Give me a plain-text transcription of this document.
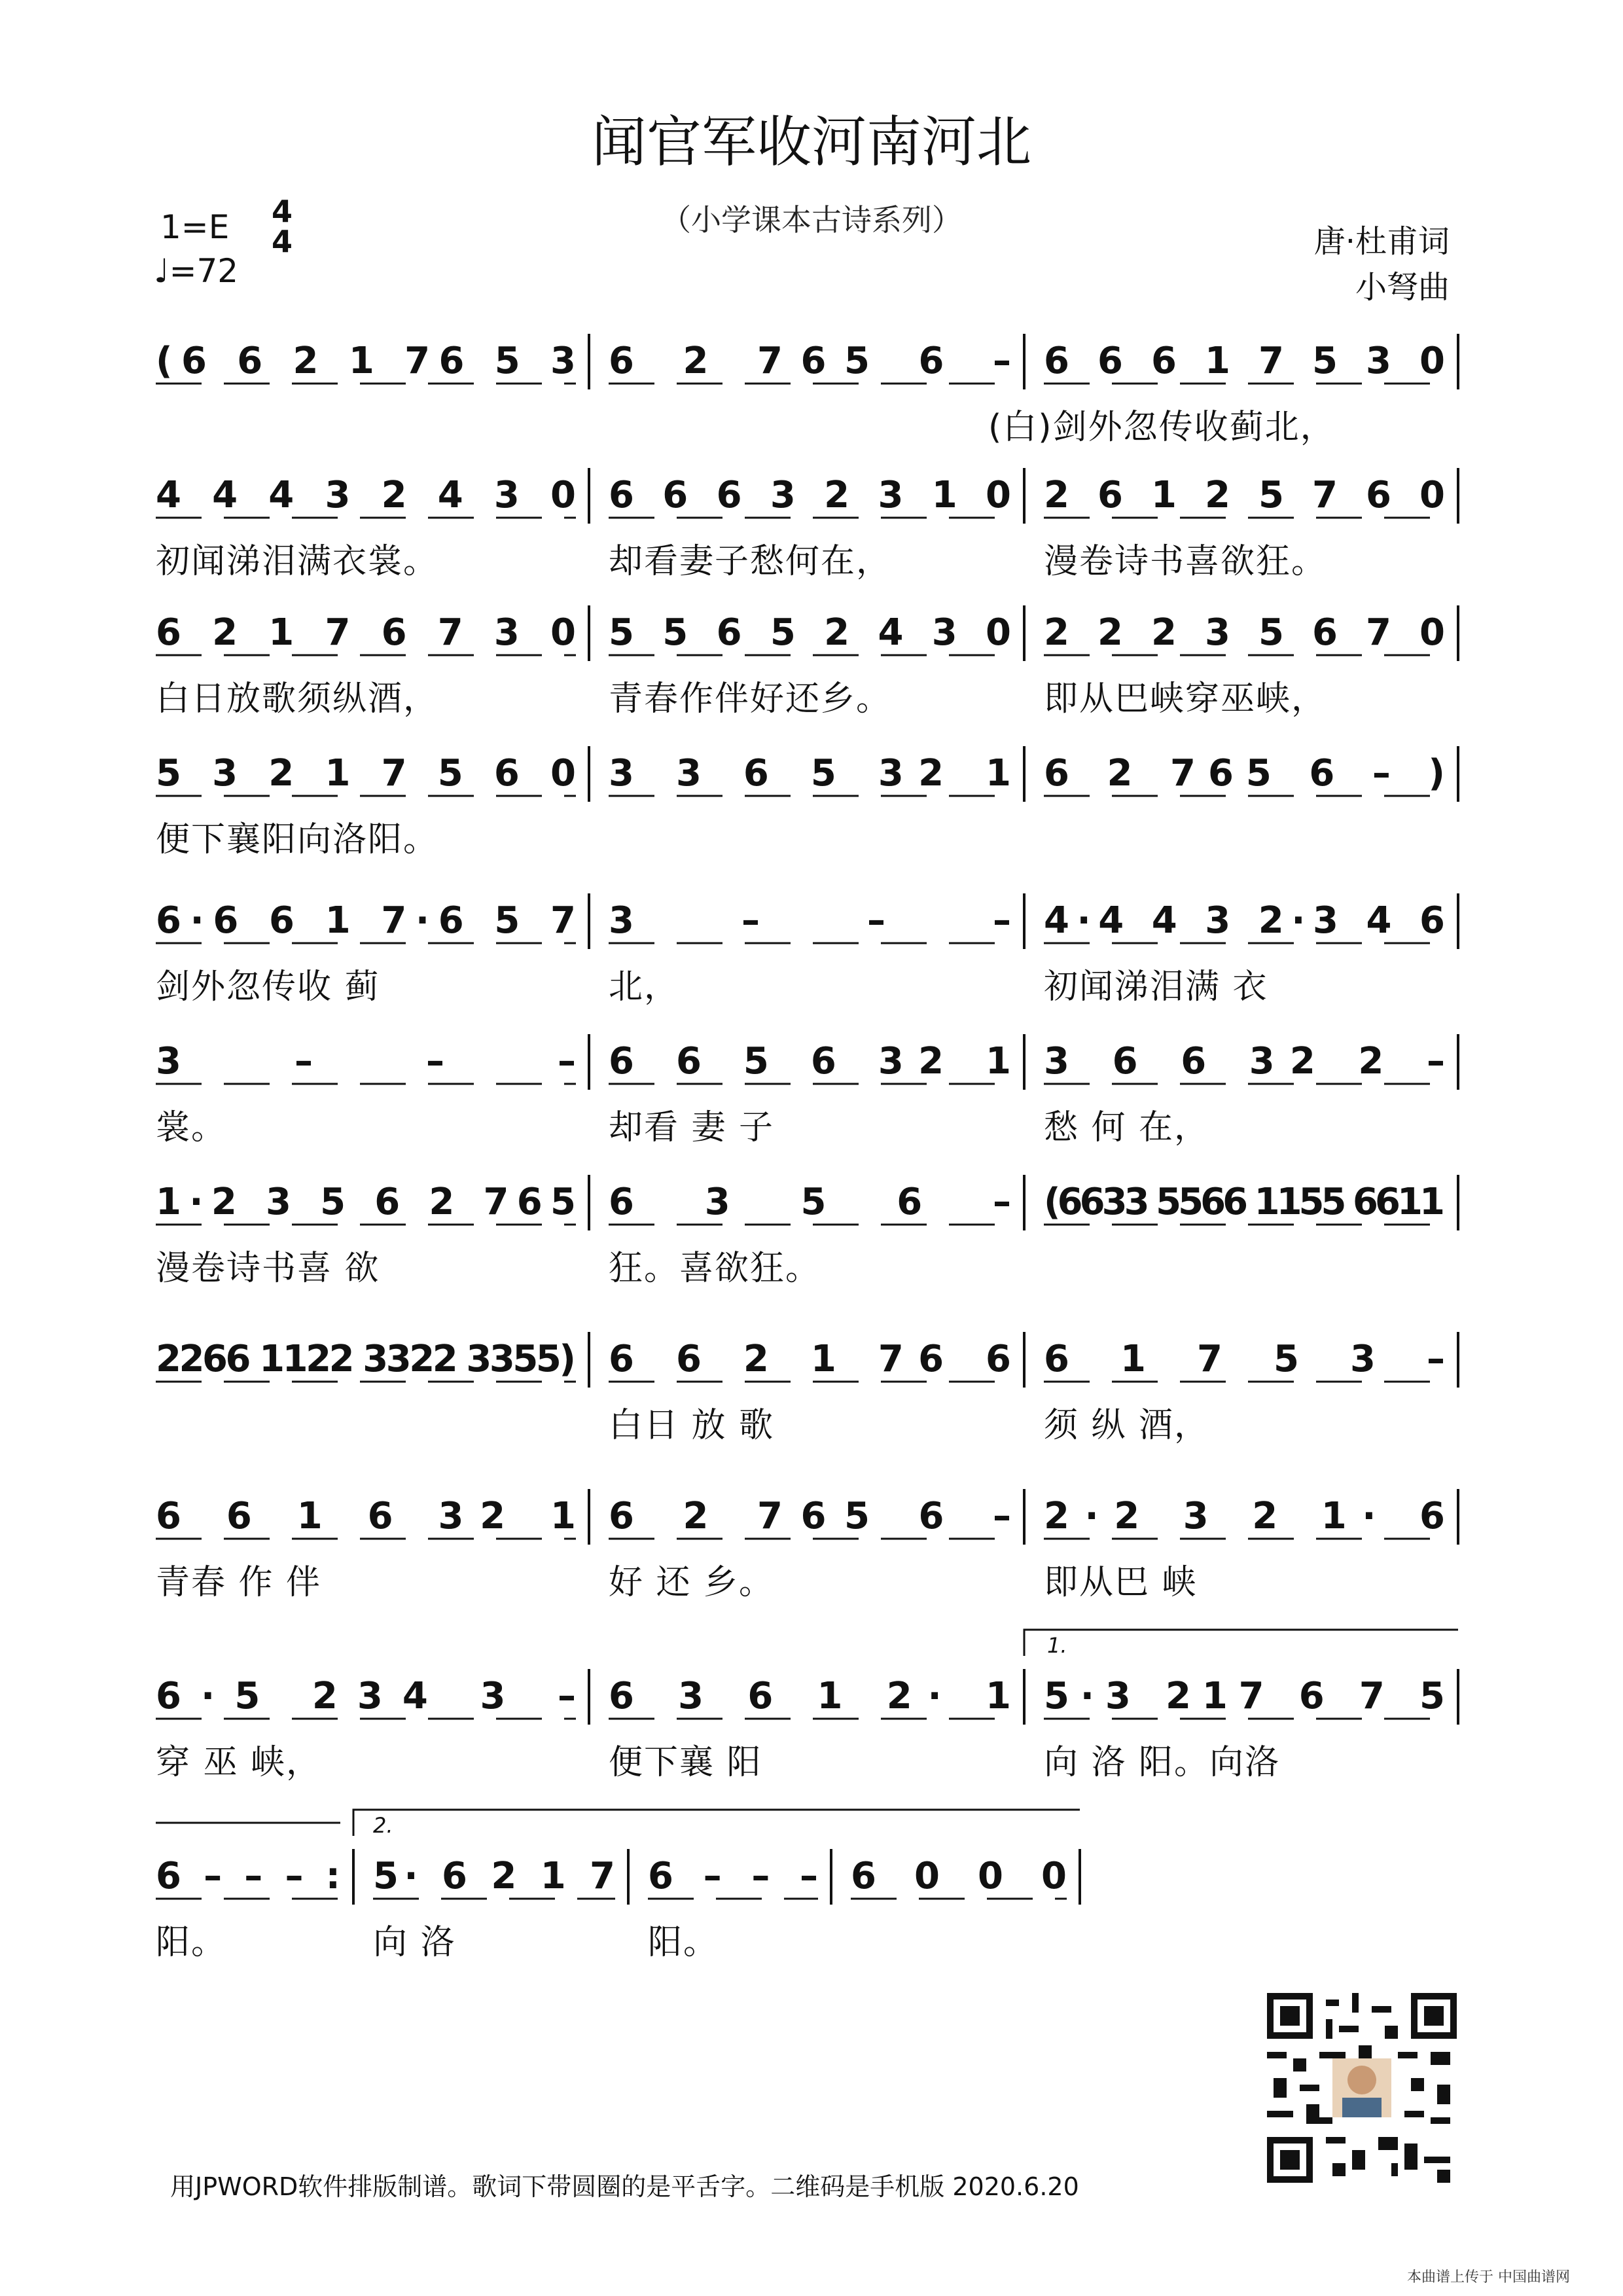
闻官军收河南河北
（小学课本古诗系列）
1=E 4
4
♩=72
唐·杜甫词
小弩曲
(6 6 2 1 76 5 3 6 2 765 6 – 6 6 6 1 7 5 3 0
(白)剑外忽传收蓟北，
4 4 4 3 2 4 3 0
初闻涕泪满衣裳。
6 6 6 3 2 3 1 0
却看妻子愁何在，
2 6 1 2 5 7 6 0
漫卷诗书喜欲狂。
6 2 1 7 6 7 3 0
白日放歌须纵酒，
5 5 6 5 2 4 3 0
青春作伴好还乡。
2 2 2 3 5 6 7 0
即从巴峡穿巫峡，
5 3 2 1 7 5 6 0
便下襄阳向洛阳。
3 3 6 5 32 1 6 2 765 6 – )
6·6 6 1 7·6 5 7
剑外忽传收 蓟
3 – – –
北，
4·4 4 3 2·3 4 6
初闻涕泪满 衣
3 – – –
裳。
6 6 5 6 32 1
却看 妻 子
3 6 6 32 2 –
愁 何 在，
1·2 3 5 6 2 765
漫卷诗书喜 欲
6 3 5 6 –
狂。喜欲狂。
(6633 5566 1155 6611
2266 1122 3322 3355) 6 6 2 1 76 6
白日 放 歌
6 1 7 5 3 –
须 纵 酒，
6 6 1 6 32 1
青春 作 伴
6 2 765 6 –
好 还 乡。
2·2 3 2 1· 6
即从巴 峡
6·5 234 3 –
穿 巫 峡，
6 3 6 1 2· 1
便下襄 阳
5·3 217 6 7 5
向 洛 阳。向洛
1.
6 – – – :
阳。
5· 6 2 1 7
向 洛
6 – – –
阳。
6 0 0 0
2.
用JPWORD软件排版制谱。歌词下带圆圈的是平舌字。二维码是手机版 2020.6.20
本曲谱上传于 中国曲谱网
